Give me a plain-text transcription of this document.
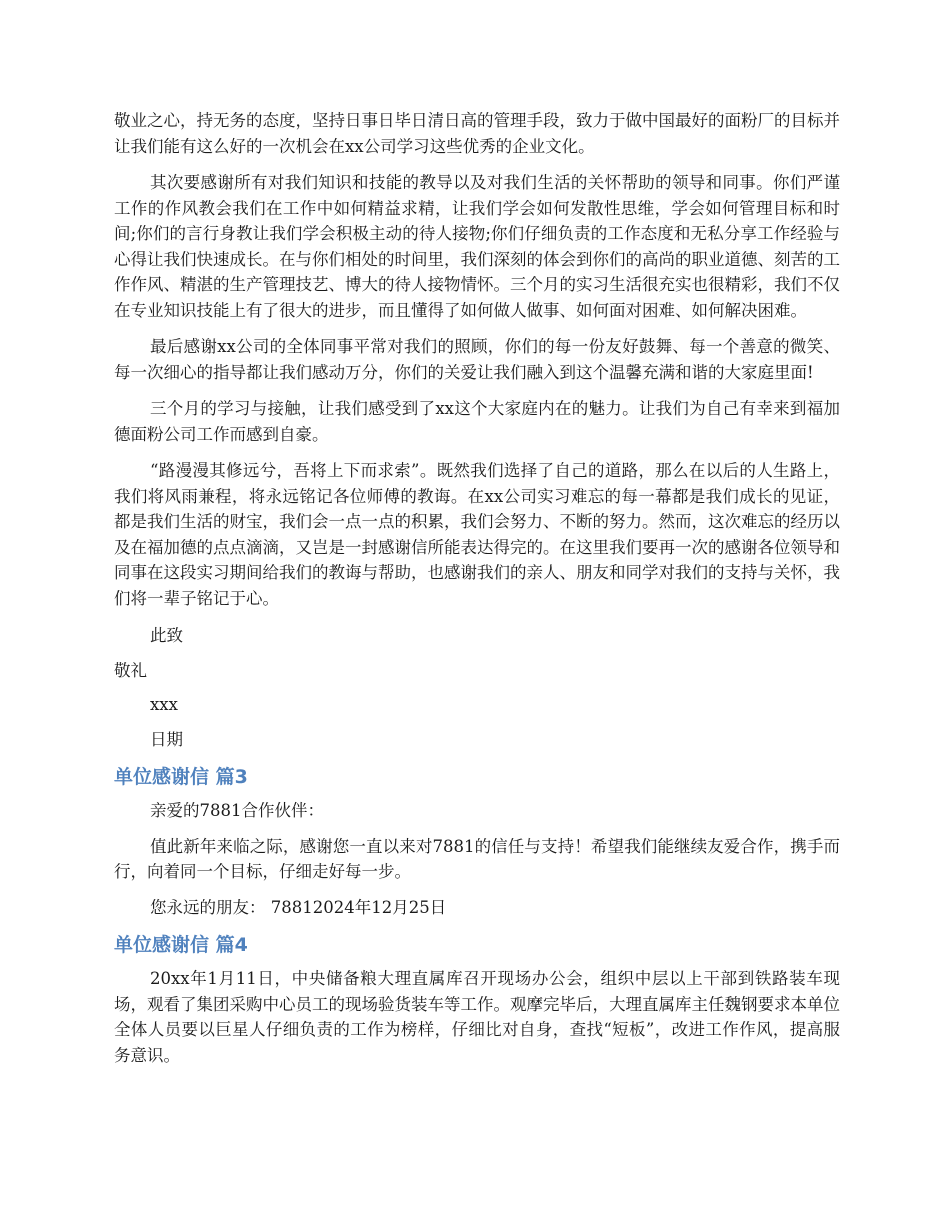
敬业之心，持无务的态度，坚持日事日毕日清日高的管理手段，致力于做中国最好的面粉厂的目标并让我们能有这么好的一次机会在xx公司学习这些优秀的企业文化。

其次要感谢所有对我们知识和技能的教导以及对我们生活的关怀帮助的领导和同事。你们严谨工作的作风教会我们在工作中如何精益求精，让我们学会如何发散性思维，学会如何管理目标和时间;你们的言行身教让我们学会积极主动的待人接物;你们仔细负责的工作态度和无私分享工作经验与心得让我们快速成长。在与你们相处的时间里，我们深刻的体会到你们的高尚的职业道德、刻苦的工作作风、精湛的生产管理技艺、博大的待人接物情怀。三个月的实习生活很充实也很精彩，我们不仅在专业知识技能上有了很大的进步，而且懂得了如何做人做事、如何面对困难、如何解决困难。

最后感谢xx公司的全体同事平常对我们的照顾，你们的每一份友好鼓舞、每一个善意的微笑、每一次细心的指导都让我们感动万分，你们的关爱让我们融入到这个温馨充满和谐的大家庭里面!

三个月的学习与接触，让我们感受到了xx这个大家庭内在的魅力。让我们为自己有幸来到福加德面粉公司工作而感到自豪。

“路漫漫其修远兮，吾将上下而求索”。既然我们选择了自己的道路，那么在以后的人生路上，我们将风雨兼程，将永远铭记各位师傅的教诲。在xx公司实习难忘的每一幕都是我们成长的见证，都是我们生活的财宝，我们会一点一点的积累，我们会努力、不断的努力。然而，这次难忘的经历以及在福加德的点点滴滴，又岂是一封感谢信所能表达得完的。在这里我们要再一次的感谢各位领导和同事在这段实习期间给我们的教诲与帮助，也感谢我们的亲人、朋友和同学对我们的支持与关怀，我们将一辈子铭记于心。

此致

敬礼

xxx

日期

单位感谢信 篇3

亲爱的7881合作伙伴：

值此新年来临之际，感谢您一直以来对7881的信任与支持！希望我们能继续友爱合作，携手而行，向着同一个目标，仔细走好每一步。

您永远的朋友： 78812024年12月25日

单位感谢信 篇4

20xx年1月11日，中央储备粮大理直属库召开现场办公会，组织中层以上干部到铁路装车现场，观看了集团采购中心员工的现场验货装车等工作。观摩完毕后，大理直属库主任魏钢要求本单位全体人员要以巨星人仔细负责的工作为榜样，仔细比对自身，查找“短板”，改进工作作风，提高服务意识。
